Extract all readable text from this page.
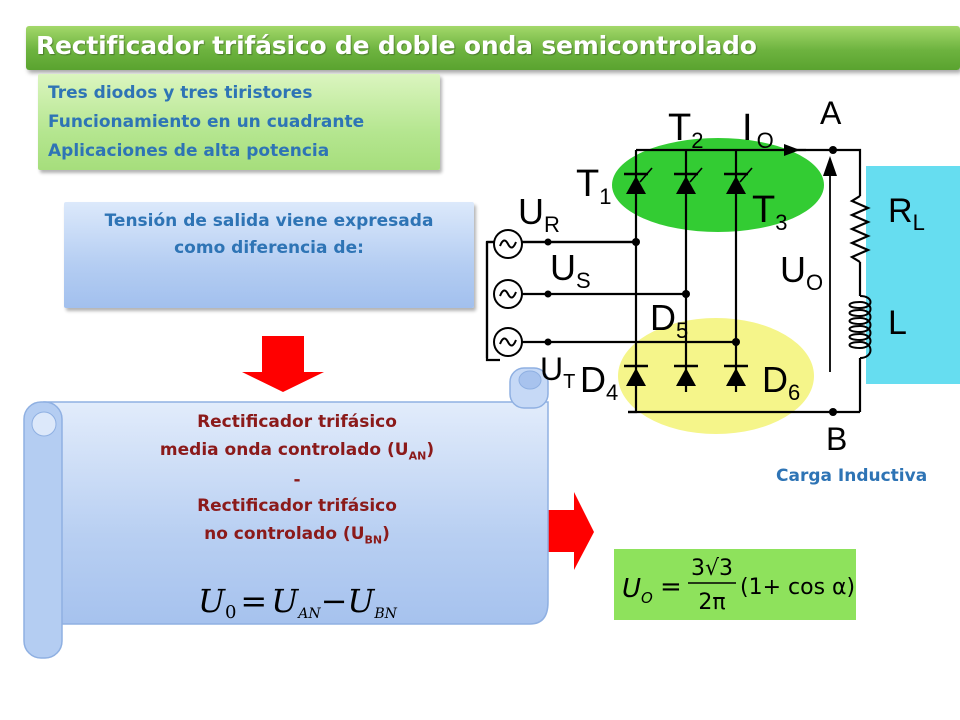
Rectificador trifásico de doble onda semicontrolado
Tres diodos y tres tiristores
Funcionamiento en un cuadrante
Aplicaciones de alta potencia
Tensión de salida viene expresada
como diferencia de:
$T_2$ I $_O$
A
$T_1$
$U_R$	$T_3$	$R_L$
$U_S$	$U_O$
$D_5$	L
$U_T$ $D_4$	$D_6$
B
U0 = UAN−UBN
Rectificador trifásico
media onda controlado $(U_{AN})$
-
Rectificador trifásico
no controlado $(U_{BN})$
Carga Inductiva
U O =
3√3
2π
(1+ cos α)
